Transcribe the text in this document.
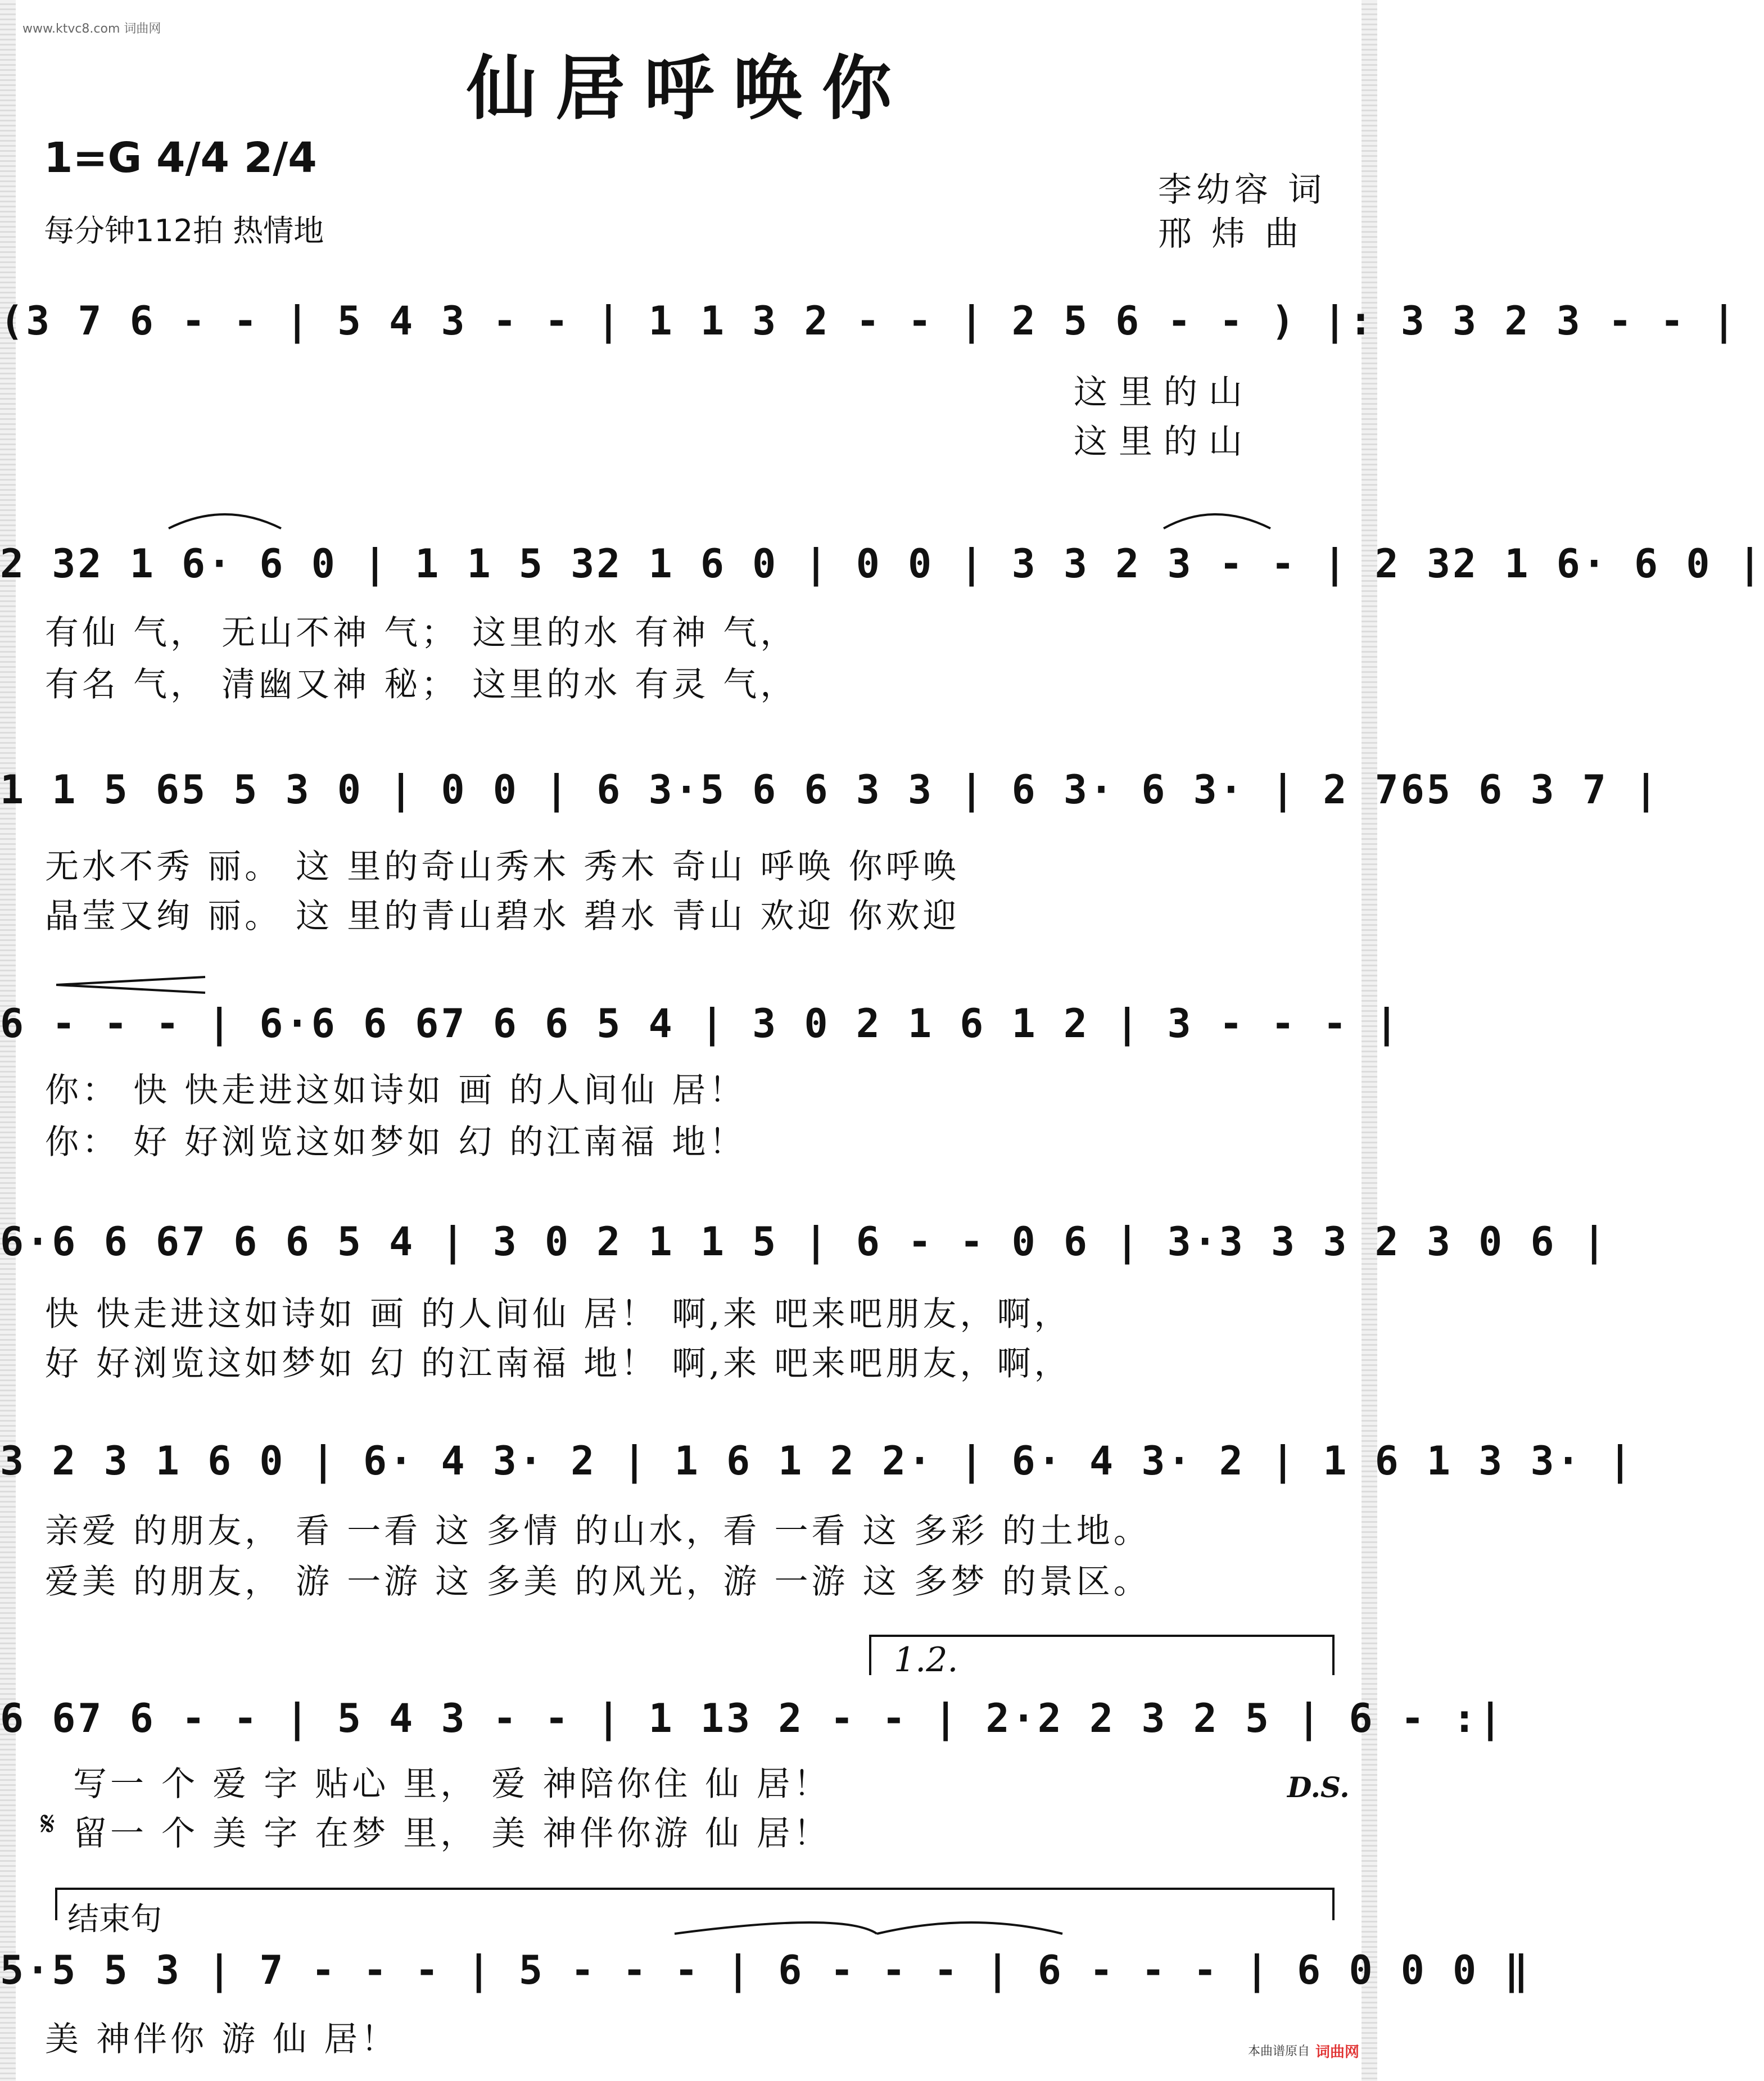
www.ktvc8.com 词曲网
仙居呼唤你
1=G 4/4 2/4
每分钟112拍 热情地
李幼容 词
邢 炜 曲
(3 7 6 - - | 5 4 3 - - | 1 1 3 2 - - | 2 5 6 - - ) |: 3 3 2 3 - - |
这里的山
这里的山
2 32 1 6· 6 0 | 1 1 5 32 1 6 0 | 0 0 | 3 3 2 3 - - | 2 32 1 6· 6 0 |
有仙 气， 无山不神 气； 这里的水 有神 气，
有名 气， 清幽又神 秘； 这里的水 有灵 气，
1 1 5 65 5 3 0 | 0 0 | 6 3·5 6 6 3 3 | 6 3· 6 3· | 2 765 6 3 7 |
无水不秀 丽。 这 里的奇山秀木 秀木 奇山 呼唤 你呼唤
晶莹又绚 丽。 这 里的青山碧水 碧水 青山 欢迎 你欢迎
6 - - - | 6·6 6 67 6 6 5 4 | 3 0 2 1 6 1 2 | 3 - - - |
你： 快 快走进这如诗如 画 的人间仙 居！
你： 好 好浏览这如梦如 幻 的江南福 地！
6·6 6 67 6 6 5 4 | 3 0 2 1 1 5 | 6 - - 0 6 | 3·3 3 3 2 3 0 6 |
快 快走进这如诗如 画 的人间仙 居！ 啊,来 吧来吧朋友，啊，
好 好浏览这如梦如 幻 的江南福 地！ 啊,来 吧来吧朋友，啊，
3 2 3 1 6 0 | 6· 4 3· 2 | 1 6 1 2 2· | 6· 4 3· 2 | 1 6 1 3 3· |
亲爱 的朋友， 看 一看 这 多情 的山水，看 一看 这 多彩 的土地。
爱美 的朋友， 游 一游 这 多美 的风光，游 一游 这 多梦 的景区。
1.2.
6 67 6 - - | 5 4 3 - - | 1 13 2 - - | 2·2 2 3 2 5 | 6 - :|
写一 个 爱 字 贴心 里， 爱 神陪你住 仙 居！	D.S.
𝄋 留一 个 美 字 在梦 里， 美 神伴你游 仙 居！
结束句
5·5 5 3 | 7 - - - | 5 - - - | 6 - - - | 6 - - - | 6 0 0 0 ‖
美 神伴你 游 仙 居！	本曲谱原自 词曲网
